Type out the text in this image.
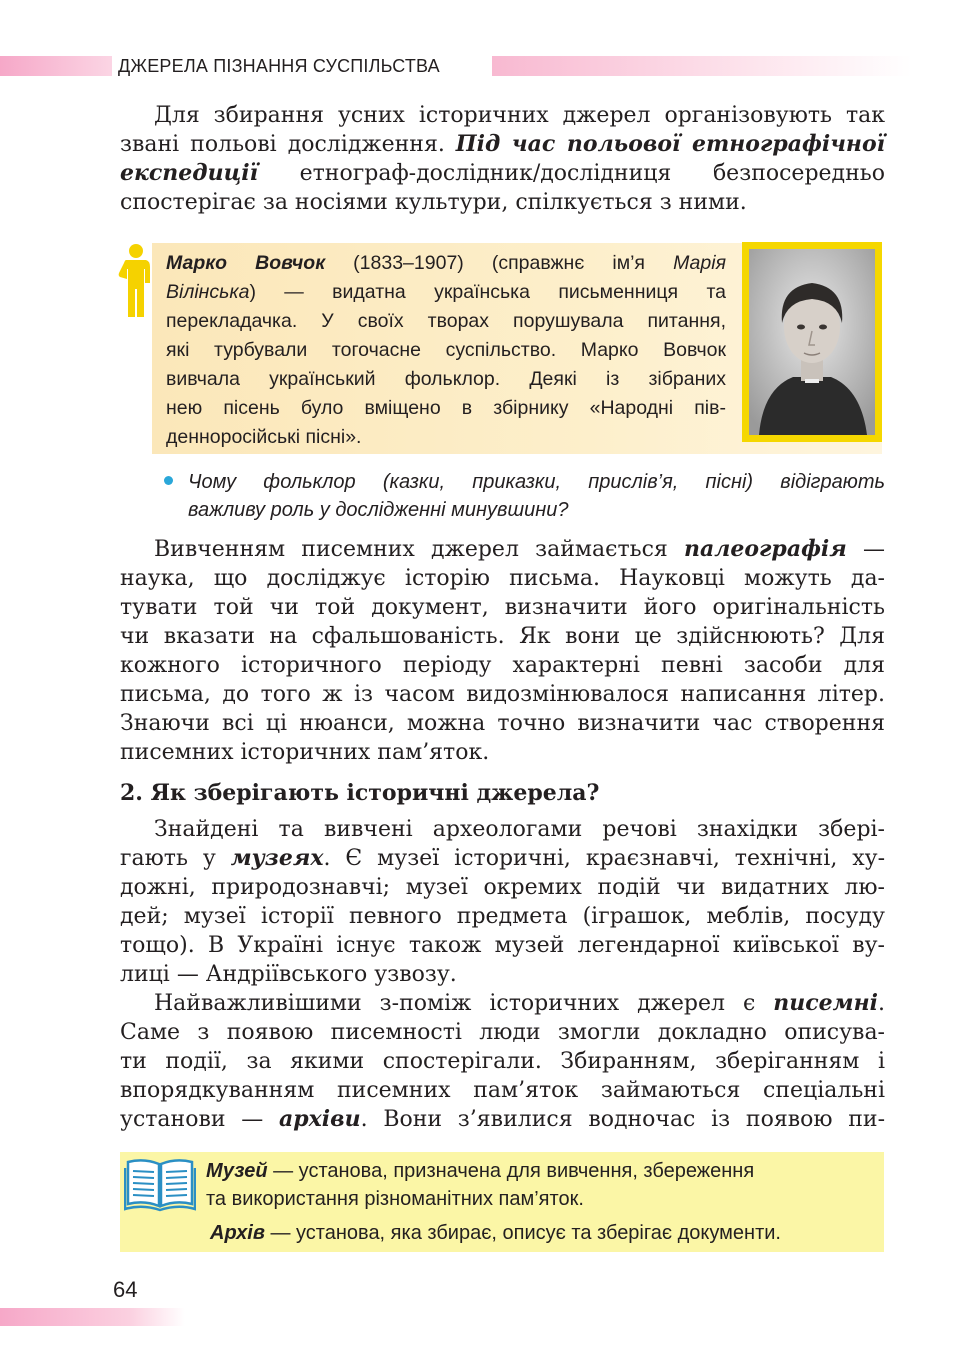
ДЖЕРЕЛА ПІЗНАННЯ СУСПІЛЬСТВА
Для збирання усних історичних джерел організовують так
звані польові дослідження. Під час польової етнографічної
експедиції етнограф-дослідник/дослідниця безпосередньо
спостерігає за носіями культури, спілкується з ними.
Марко Вовчок (1833–1907) (справжнє ім’я Марія
Вілінська) — видатна українська письменниця та
перекладачка. У своїх творах порушувала питання,
які турбували тогочасне суспільство. Марко Вовчок
вивчала український фольклор. Деякі із зібраних
нею пісень було вміщено в збірнику «Народні пів-
деннoросійські пісні».
Чому фольклор (казки, приказки, прислів’я, пісні) відіграють
важливу роль у дослідженні минувшини?
Вивченням писемних джерел займається палеографія —
наука, що досліджує історію письма. Науковці можуть да-
тувати той чи той документ, визначити його оригінальність
чи вказати на сфальшованість. Як вони це здійснюють? Для
кожного історичного періоду характерні певні засоби для
письма, до того ж із часом видозмінювалося написання літер.
Знаючи всі ці нюанси, можна точно визначити час створення
писемних історичних пам’яток.
2. Як зберігають історичні джерела?
Знайдені та вивчені археологами речові знахідки збері-
гають у музеях. Є музеї історичні, краєзнавчі, технічні, ху-
дожні, природознавчі; музеї окремих подій чи видатних лю-
дей; музеї історії певного предмета (іграшок, меблів, посуду
тощо). В Україні існує також музей легендарної київської ву-
лиці — Андріївського узвозу.
Найважливішими з-поміж історичних джерел є писемні.
Саме з появою писемності люди змогли докладно описува-
ти події, за якими спостерігали. Збиранням, зберіганням і
впорядкуванням писемних пам’яток займаються спеціальні
установи — архіви. Вони з’явилися водночас із появою пи-
Музей — установа, призначена для вивчення, збереження
та використання різноманітних пам’яток.
Архів — установа, яка збирає, описує та зберігає документи.
64
